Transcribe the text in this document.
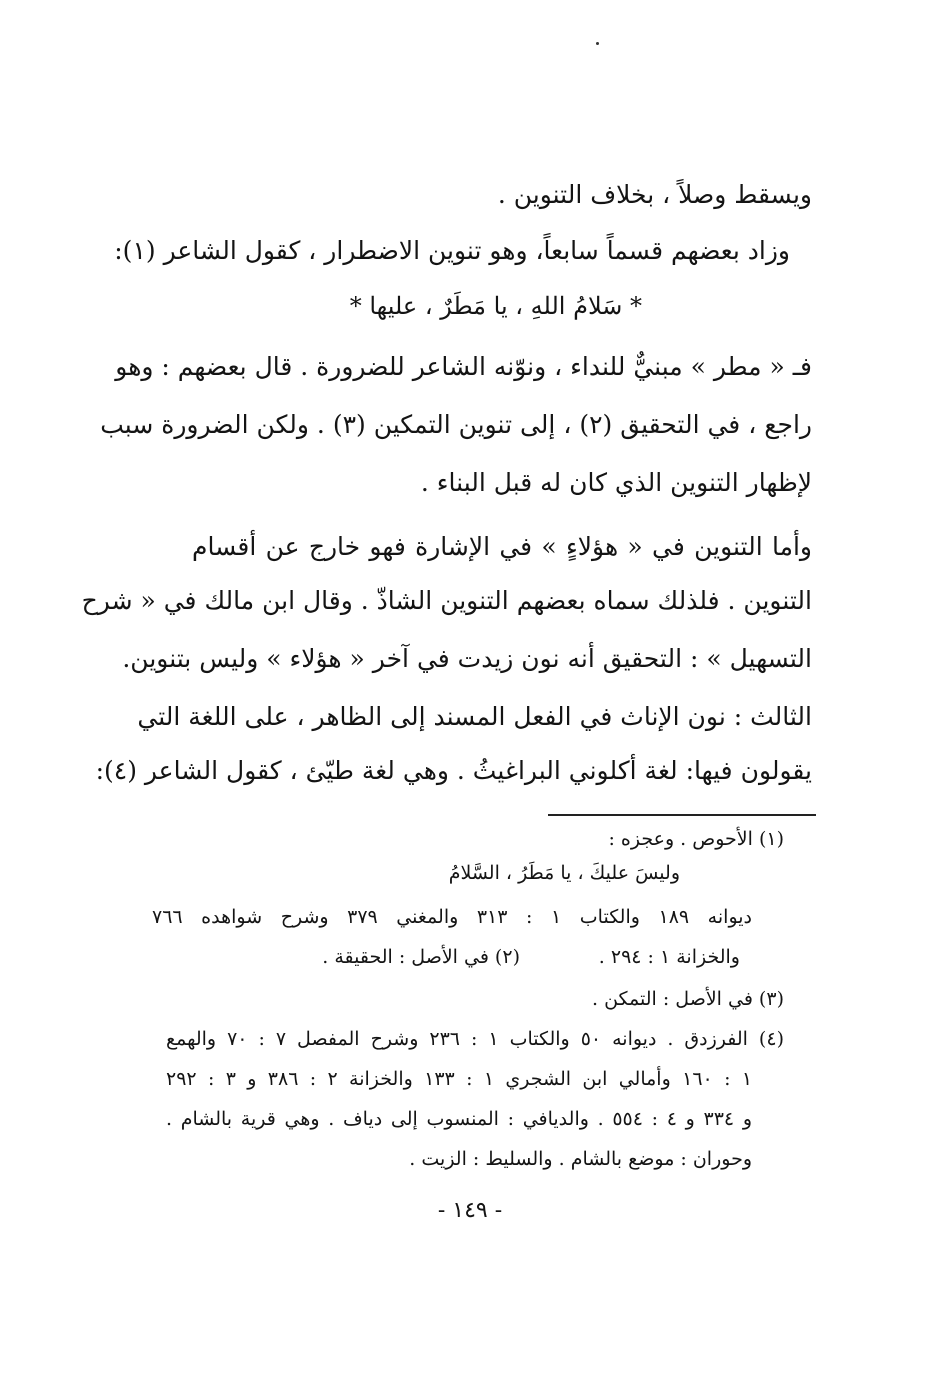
ويسقط وصلاً ، بخلاف التنوين .
وزاد بعضهم قسماً سابعاً، وهو تنوين الاضطرار ، كقول الشاعر (١):
* سَلامُ اللهِ ، يا مَطَرٌ ، عليها *
فـ « مطر » مبنيٌّ للنداء ، ونوّنه الشاعر للضرورة . قال بعضهم : وهو
راجع ، في التحقيق (٢) ، إلى تنوين التمكين (٣) . ولكن الضرورة سبب
لإظهار التنوين الذي كان له قبل البناء .
وأما التنوين في « هؤلاءٍ » في الإشارة فهو خارج عن أقسام
التنوين . فلذلك سماه بعضهم التنوين الشاذّ . وقال ابن مالك في « شرح
التسهيل » : التحقيق أنه نون زيدت في آخر « هؤلاء » وليس بتنوين.
الثالث : نون الإناث في الفعل المسند إلى الظاهر ، على اللغة التي
يقولون فيها: لغة أكلوني البراغيثُ . وهي لغة طيّئ ، كقول الشاعر (٤):
(١) الأحوص . وعجزه :
وليسَ عليكَ ، يا مَطَرُ ، السَّلامُ
ديوانه ١٨٩ والكتاب ١ : ٣١٣ والمغني ٣٧٩ وشرح شواهده ٧٦٦
والخزانة ١ : ٢٩٤ .
(٢) في الأصل : الحقيقة .
(٣) في الأصل : التمكن .
(٤) الفرزدق . ديوانه ٥٠ والكتاب ١ : ٢٣٦ وشرح المفصل ٧ : ٧٠ والهمع
١ : ١٦٠ وأمالي ابن الشجري ١ : ١٣٣ والخزانة ٢ : ٣٨٦ و ٣ : ٢٩٢
و ٣٣٤ و ٤ : ٥٥٤ . والديافي : المنسوب إلى دياف . وهي قرية بالشام .
وحوران : موضع بالشام . والسليط : الزيت .
- ١٤٩ -
